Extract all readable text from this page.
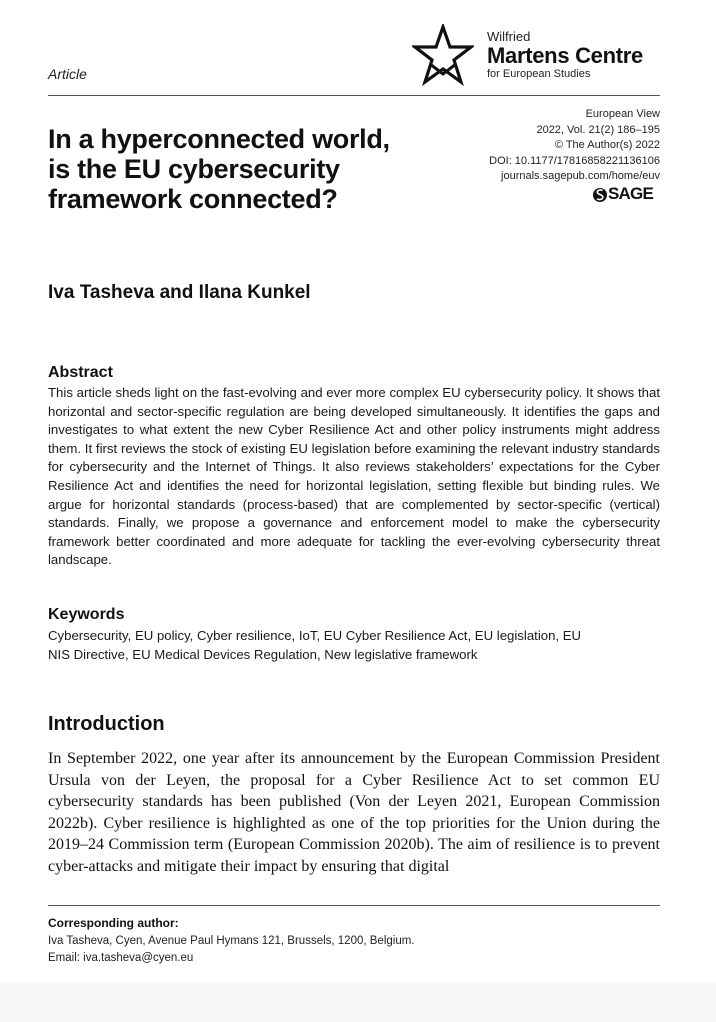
Wilfried
Martens Centre
for European Studies
Article
European View
2022, Vol. 21(2) 186–195
© The Author(s) 2022
DOI: 10.1177/17816858221136106
journals.sagepub.com/home/euv
SAGE
In a hyperconnected world,
is the EU cybersecurity
framework connected?
Iva Tasheva and Ilana Kunkel
Abstract
This article sheds light on the fast-evolving and ever more complex EU cybersecurity policy. It shows that horizontal and sector-specific regulation are being developed simultaneously. It identifies the gaps and investigates to what extent the new Cyber Resilience Act and other policy instruments might address them. It first reviews the stock of existing EU legislation before examining the relevant industry standards for cybersecurity and the Internet of Things. It also reviews stakeholders’ expectations for the Cyber Resilience Act and identifies the need for horizontal legislation, setting flexible but binding rules. We argue for horizontal standards (process-based) that are complemented by sector-specific (vertical) standards. Finally, we propose a governance and enforcement model to make the cybersecurity framework better coordinated and more adequate for tackling the ever-evolving cybersecurity threat landscape.
Keywords
Cybersecurity, EU policy, Cyber resilience, IoT, EU Cyber Resilience Act, EU legislation, EU
NIS Directive, EU Medical Devices Regulation, New legislative framework
Introduction
In September 2022, one year after its announcement by the European Commission President Ursula von der Leyen, the proposal for a Cyber Resilience Act to set common EU cybersecurity standards has been published (Von der Leyen 2021, European Commission 2022b). Cyber resilience is highlighted as one of the top priorities for the Union during the 2019–24 Commission term (European Commission 2020b). The aim of resilience is to prevent cyber-attacks and mitigate their impact by ensuring that digital
Corresponding author:
Iva Tasheva, Cyen, Avenue Paul Hymans 121, Brussels, 1200, Belgium.
Email: iva.tasheva@cyen.eu
